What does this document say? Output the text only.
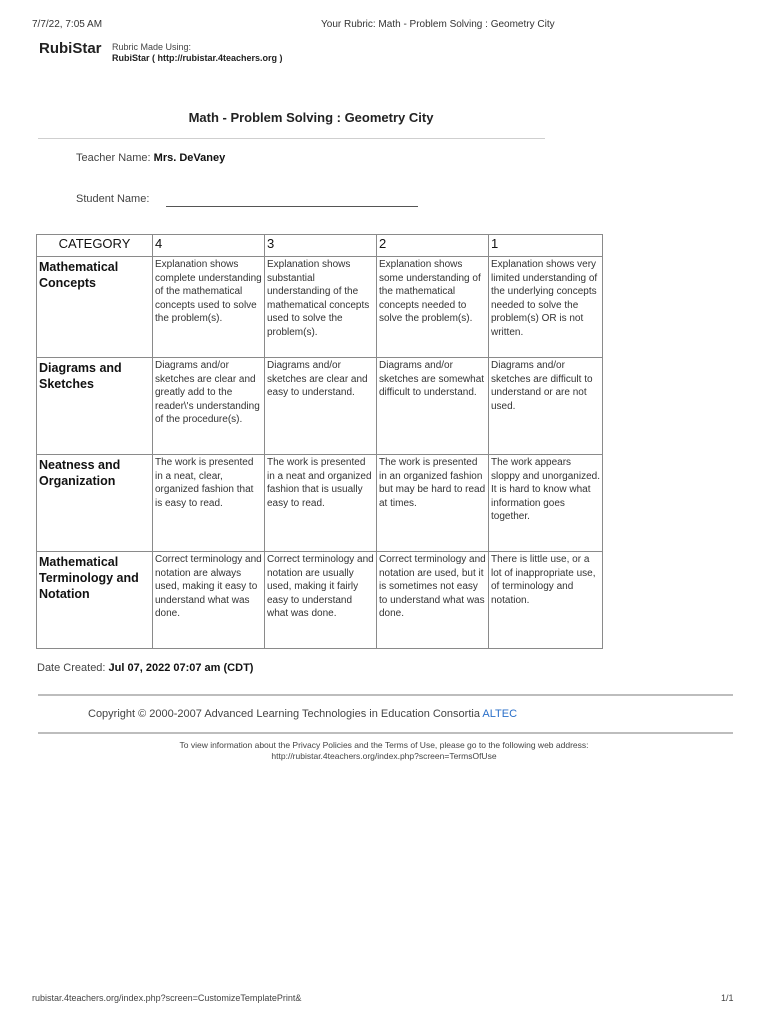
7/7/22, 7:05 AM	Your Rubric: Math - Problem Solving : Geometry City
RubiStar Rubric Made Using:
RubiStar ( http://rubistar.4teachers.org )
Math - Problem Solving : Geometry City
Teacher Name: Mrs. DeVaney
Student Name:
CATEGORY	4	3	2	1
Mathematical Concepts	Explanation shows complete understanding of the mathematical concepts used to solve the problem(s).	Explanation shows substantial understanding of the mathematical concepts used to solve the problem(s).	Explanation shows some understanding of the mathematical concepts needed to solve the problem(s).	Explanation shows very limited understanding of the underlying concepts needed to solve the problem(s) OR is not written.
Diagrams and Sketches	Diagrams and/or sketches are clear and greatly add to the reader\'s understanding of the procedure(s).	Diagrams and/or sketches are clear and easy to understand.	Diagrams and/or sketches are somewhat difficult to understand.	Diagrams and/or sketches are difficult to understand or are not used.
Neatness and Organization	The work is presented in a neat, clear, organized fashion that is easy to read.	The work is presented in a neat and organized fashion that is usually easy to read.	The work is presented in an organized fashion but may be hard to read at times.	The work appears sloppy and unorganized. It is hard to know what information goes together.
Mathematical Terminology and Notation	Correct terminology and notation are always used, making it easy to understand what was done.	Correct terminology and notation are usually used, making it fairly easy to understand what was done.	Correct terminology and notation are used, but it is sometimes not easy to understand what was done.	There is little use, or a lot of inappropriate use, of terminology and notation.
Date Created: Jul 07, 2022 07:07 am (CDT)
Copyright © 2000-2007 Advanced Learning Technologies in Education Consortia ALTEC
To view information about the Privacy Policies and the Terms of Use, please go to the following web address:
http://rubistar.4teachers.org/index.php?screen=TermsOfUse
rubistar.4teachers.org/index.php?screen=CustomizeTemplatePrint&	1/1
